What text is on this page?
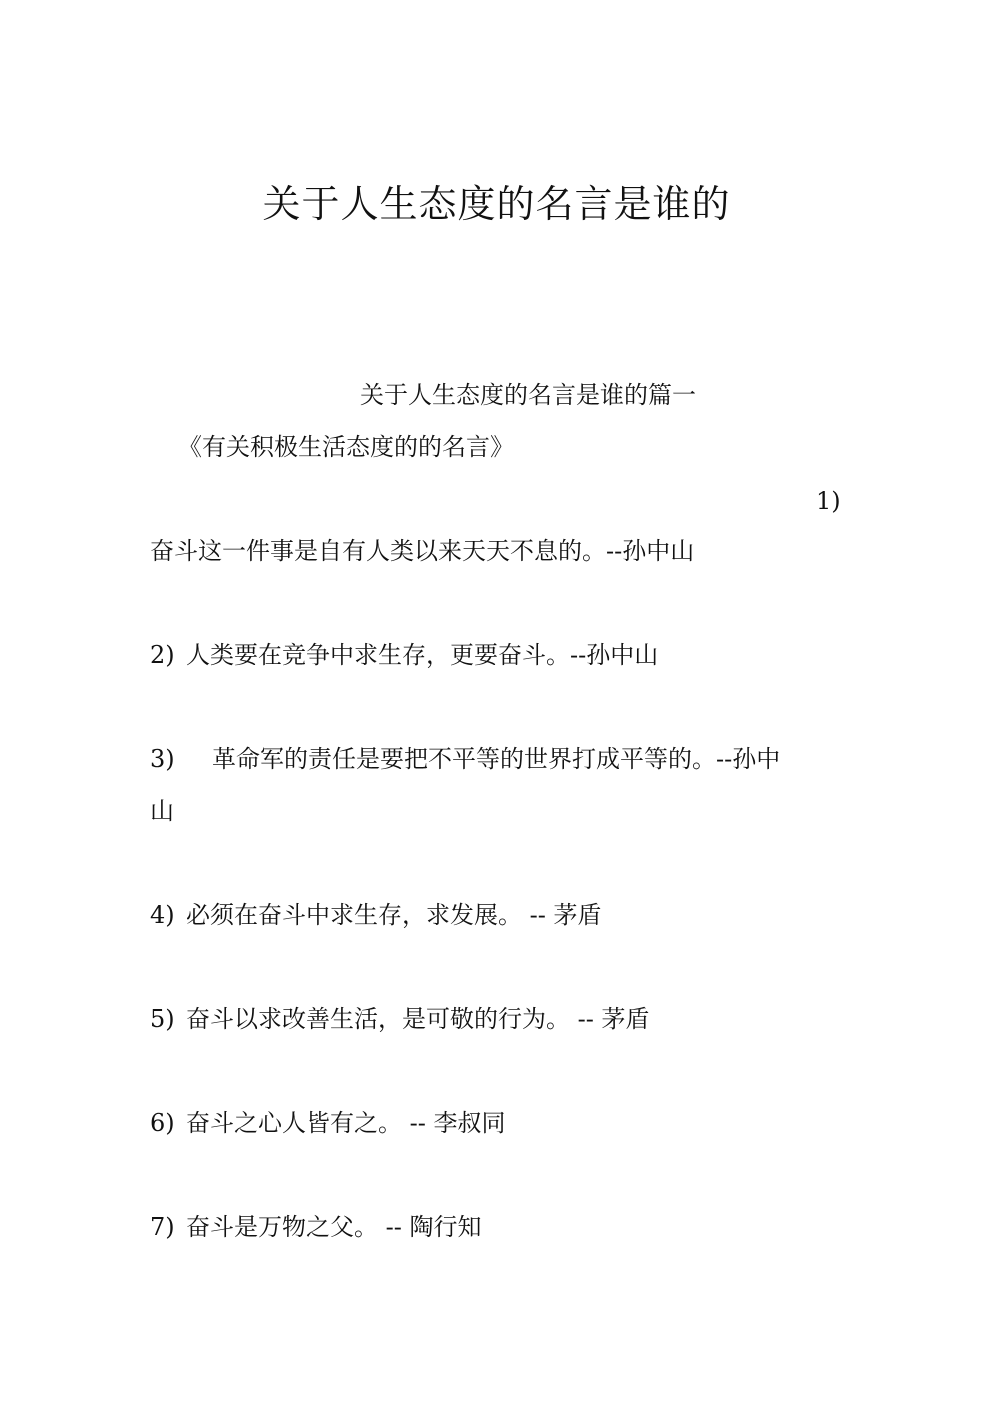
关于人生态度的名言是谁的

关于人生态度的名言是谁的篇一

《有关积极生活态度的的名言》

1)

奋斗这一件事是自有人类以来天天不息的。--孙中山

2) 人类要在竞争中求生存，更要奋斗。--孙中山

3) 革命军的责任是要把不平等的世界打成平等的。--孙中

山

4) 必须在奋斗中求生存，求发展。 -- 茅盾

5) 奋斗以求改善生活，是可敬的行为。 -- 茅盾

6) 奋斗之心人皆有之。 -- 李叔同

7) 奋斗是万物之父。 -- 陶行知
